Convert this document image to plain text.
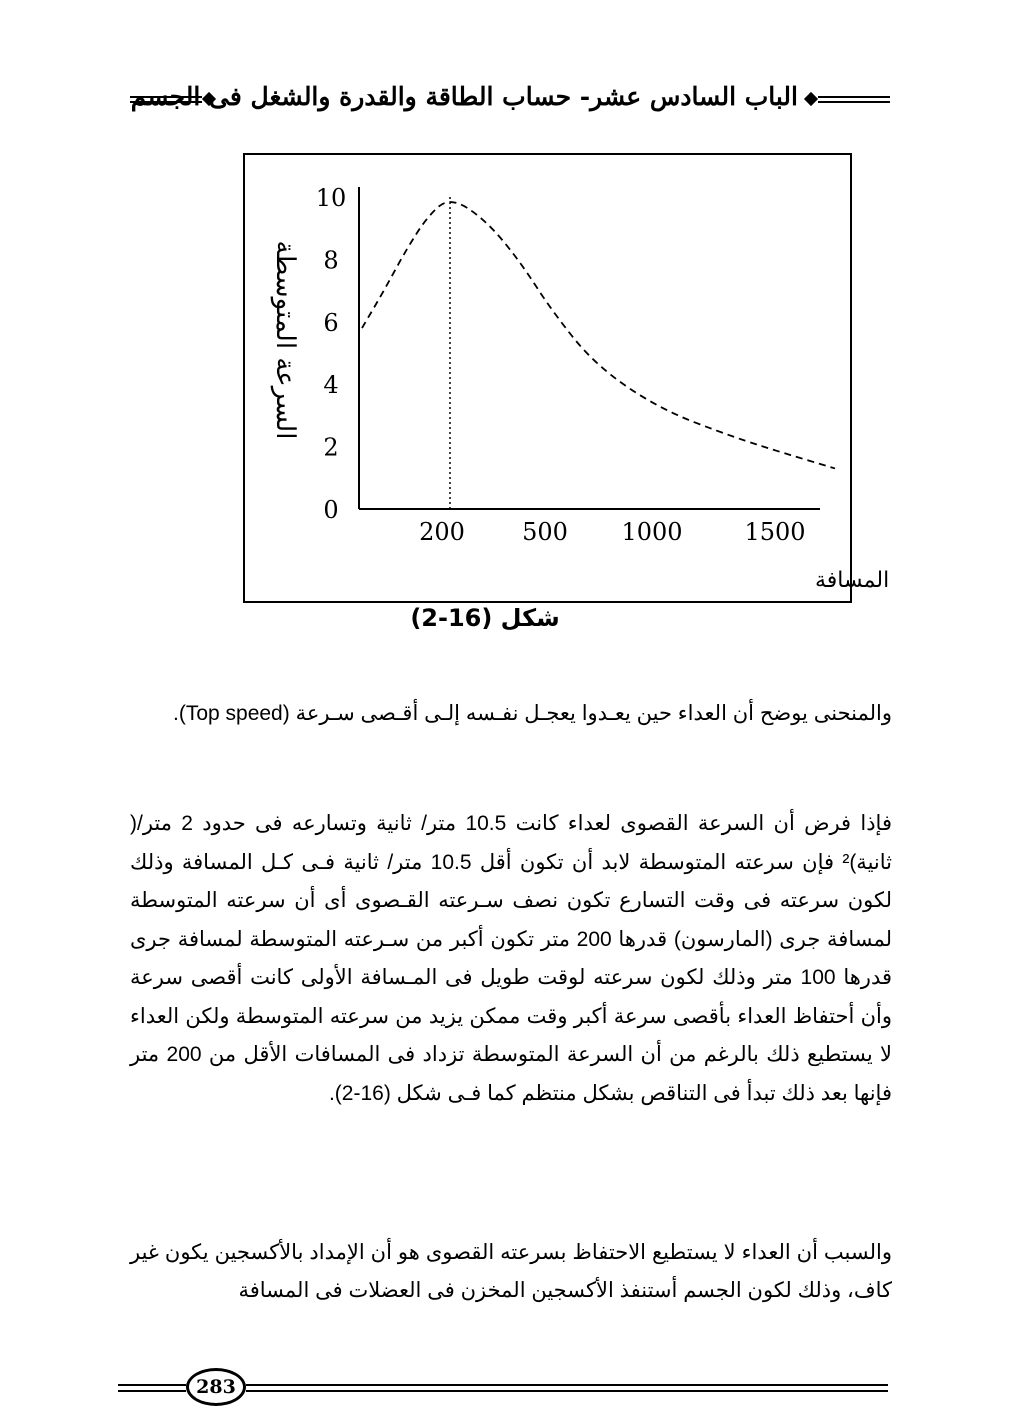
الباب السادس عشر- حساب الطاقة والقدرة والشغل فى الجسم
0
2
4
6
8
10
200 500 1000	1500
المسافة
السرعة المتوسطة
شكل (16-2)

والمنحنى يوضح أن العداء حين يعـدوا يعجـل نفـسه إلـى أقـصى سـرعة (Top speed).

فإذا فرض أن السرعة القصوى لعداء كانت 10.5 متر/ ثانية وتسارعه فى حدود 2 متر/( ثانية)² فإن سرعته المتوسطة لابد أن تكون أقل 10.5 متر/ ثانية فـى كـل المسافة وذلك لكون سرعته فى وقت التسارع تكون نصف سـرعته القـصوى أى أن سرعته المتوسطة لمسافة جرى (المارسون) قدرها 200 متر تكون أكبر من سـرعته المتوسطة لمسافة جرى قدرها 100 متر وذلك لكون سرعته لوقت طويل فى المـسافة الأولى كانت أقصى سرعة وأن أحتفاظ العداء بأقصى سرعة أكبر وقت ممكن يزيد من سرعته المتوسطة ولكن العداء لا يستطيع ذلك بالرغم من أن السرعة المتوسطة تزداد فى المسافات الأقل من 200 متر فإنها بعد ذلك تبدأ فى التناقص بشكل منتظم كما فـى شكل (16-2).

والسبب أن العداء لا يستطيع الاحتفاظ بسرعته القصوى هو أن الإمداد بالأكسجين يكون غير كاف، وذلك لكون الجسم أستنفذ الأكسجين المخزن فى العضلات فى المسافة

283
